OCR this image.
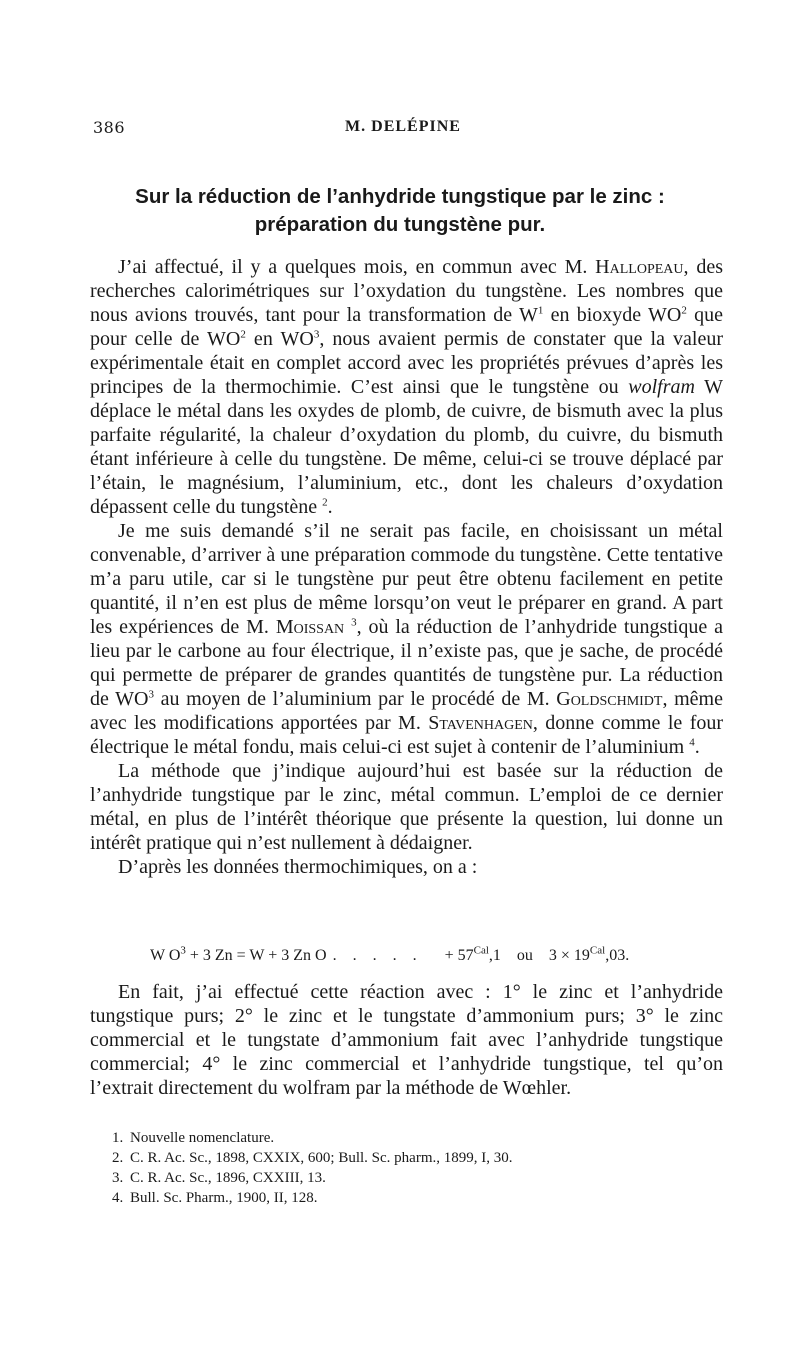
386	M. DELÉPINE
Sur la réduction de l’anhydride tungstique par le zinc :
préparation du tungstène pur.

J’ai affectué, il y a quelques mois, en commun avec M. Hallopeau, des recherches calorimétriques sur l’oxydation du tungstène. Les nombres que nous avions trouvés, tant pour la transformation de $W^1$ en bioxyde $WO^2$ que pour celle de $WO^2$ en $WO^3$, nous avaient permis de constater que la valeur expérimentale était en complet accord avec les propriétés prévues d’après les principes de la thermochimie. C’est ainsi que le tungstène ou wolfram W déplace le métal dans les oxydes de plomb, de cuivre, de bismuth avec la plus parfaite régularité, la chaleur d’oxydation du plomb, du cuivre, du bismuth étant inférieure à celle du tungstène. De même, celui-ci se trouve déplacé par l’étain, le magnésium, l’aluminium, etc., dont les chaleurs d’oxydation dépassent celle du tungstène $^2$.

Je me suis demandé s’il ne serait pas facile, en choisissant un métal convenable, d’arriver à une préparation commode du tungstène. Cette tentative m’a paru utile, car si le tungstène pur peut être obtenu facilement en petite quantité, il n’en est plus de même lorsqu’on veut le préparer en grand. A part les expériences de M. Moissan $^3$, où la réduction de l’anhydride tungstique a lieu par le carbone au four électrique, il n’existe pas, que je sache, de procédé qui permette de préparer de grandes quantités de tungstène pur. La réduction de $WO^3$ au moyen de l’aluminium par le procédé de M. Goldschmidt, même avec les modifications apportées par M. Stavenhagen, donne comme le four électrique le métal fondu, mais celui-ci est sujet à contenir de l’aluminium $^4$.

La méthode que j’indique aujourd’hui est basée sur la réduction de l’anhydride tungstique par le zinc, métal commun. L’emploi de ce dernier métal, en plus de l’intérêt théorique que présente la question, lui donne un intérêt pratique qui n’est nullement à dédaigner.

D’après les données thermochimiques, on a :

W $O^3 + 3$ Zn = W + 3 Zn O . . . . . + $57^{Cal},1$ ou $3 \times 19^{Cal},03$.

En fait, j’ai effectué cette réaction avec : 1° le zinc et l’anhydride tungstique purs; 2° le zinc et le tungstate d’ammonium purs; 3° le zinc commercial et le tungstate d’ammonium fait avec l’anhydride tungstique commercial; 4° le zinc commercial et l’anhydride tungstique, tel qu’on l’extrait directement du wolfram par la méthode de Wœhler.

1. Nouvelle nomenclature.
2. C. R. Ac. Sc., 1898, CXXIX, 600; Bull. Sc. pharm., 1899, I, 30.
3. C. R. Ac. Sc., 1896, CXXIII, 13.
4. Bull. Sc. Pharm., 1900, II, 128.
